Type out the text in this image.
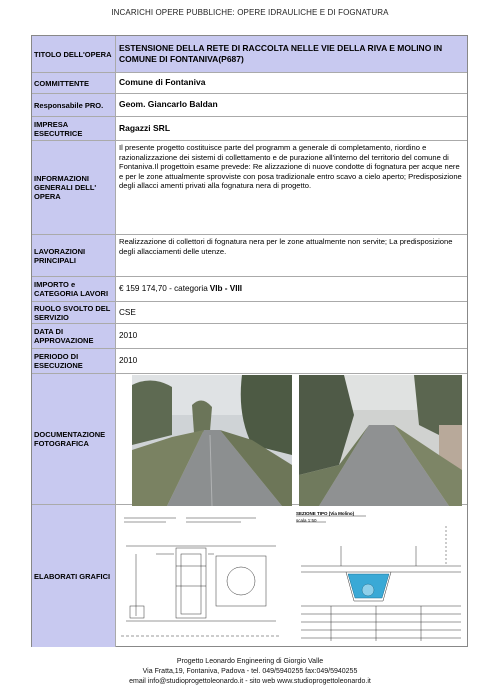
INCARICHI OPERE PUBBLICHE: OPERE IDRAULICHE E DI FOGNATURA
TITOLO DELL'OPERA
ESTENSIONE DELLA RETE DI RACCOLTA NELLE VIE DELLA RIVA E MOLINO IN COMUNE DI FONTANIVA(P687)
COMMITTENTE	Comune di Fontaniva
Responsabile PRO.	Geom. Giancarlo Baldan
IMPRESA ESECUTRICE
Ragazzi SRL
INFORMAZIONI GENERALI DELL' OPERA
Il presente progetto costituisce parte del programm a generale di completamento, riordino e razionalizzazione dei sistemi di collettamento e de purazione all'interno del territorio del comune di Fontaniva.Il progettoin esame prevede: Re alizzazione di nuove condotte di fognatura per acque nere e per le zone attualmente sprovviste con posa tradizionale entro scavo a cielo aperto; Predisposizione degli allacci amenti privati alla fognatura nera di progetto.
LAVORAZIONI PRINCIPALI
Realizzazione di collettori di fognatura nera per le zone attualmente non servite; La predisposizione degli allacciamenti delle utenze.
IMPORTO e CATEGORIA LAVORI
€ 159 174,70 - categoria VIb - VIII
RUOLO SVOLTO DEL SERVIZIO
CSE
DATA DI APPROVAZIONE
2010
PERIODO DI ESECUZIONE
2010
DOCUMENTAZIONE FOTOGRAFICA
ELABORATI GRAFICI
SEZIONE TIPO (Via Molino)
scala 1:50
Progetto Leonardo Engineering di Giorgio Valle
Via Fratta,19, Fontaniva, Padova - tel. 049/5940255 fax:049/5940255
email info@studioprogettoleonardo.it - sito web www.studioprogettoleonardo.it
